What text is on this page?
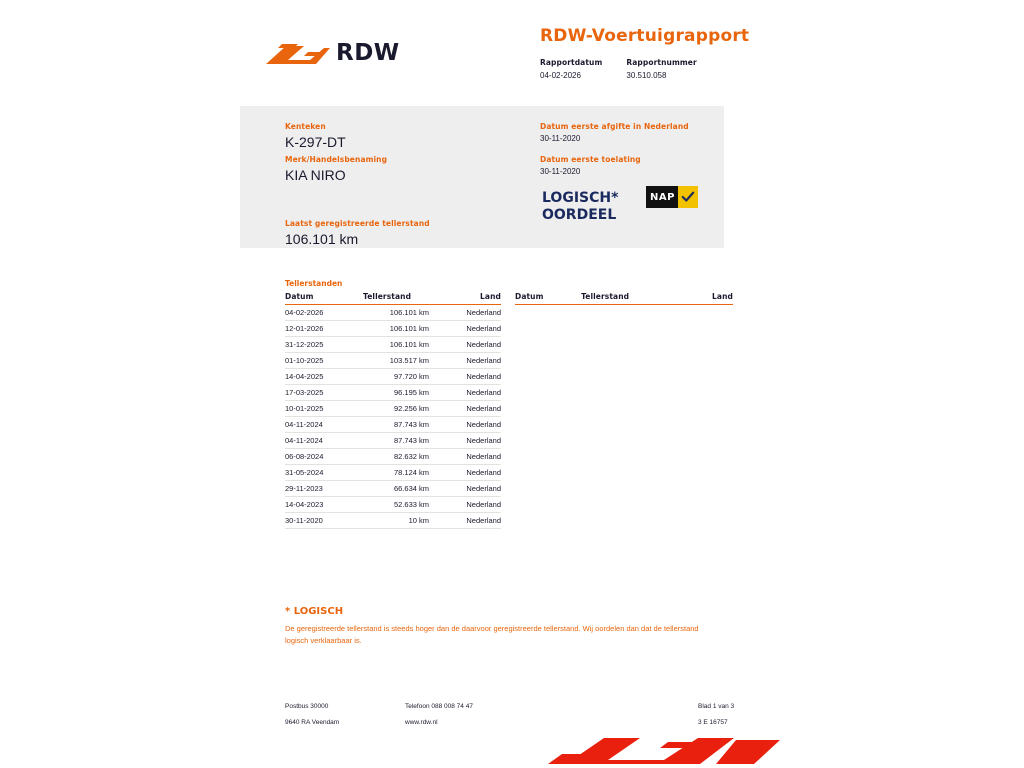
RDW
RDW-Voertuigrapport
Rapportdatum
04-02-2026
Rapportnummer
30.510.058
Kenteken
K-297-DT
Merk/Handelsbenaming
KIA NIRO
Laatst geregistreerde tellerstand
106.101 km
Datum eerste afgifte in Nederland
30-11-2020
Datum eerste toelating
30-11-2020
LOGISCH*
OORDEEL
NAP
Tellerstanden
Datum	Tellerstand	Land
04-02-2026	106.101 km	Nederland
12-01-2026	106.101 km	Nederland
31-12-2025	106.101 km	Nederland
01-10-2025	103.517 km	Nederland
14-04-2025	97.720 km	Nederland
17-03-2025	96.195 km	Nederland
10-01-2025	92.256 km	Nederland
04-11-2024	87.743 km	Nederland
04-11-2024	87.743 km	Nederland
06-08-2024	82.632 km	Nederland
31-05-2024	78.124 km	Nederland
29-11-2023	66.634 km	Nederland
14-04-2023	52.633 km	Nederland
30-11-2020	10 km	Nederland
Datum	Tellerstand	Land
* LOGISCH
De geregistreerde tellerstand is steeds hoger dan de daarvoor geregistreerde tellerstand. Wij oordelen dan dat de tellerstand logisch verklaarbaar is.
Postbus 30000
9640 RA Veendam
Telefoon 088 008 74 47
www.rdw.nl
Blad 1 van 3
3 E 16757
